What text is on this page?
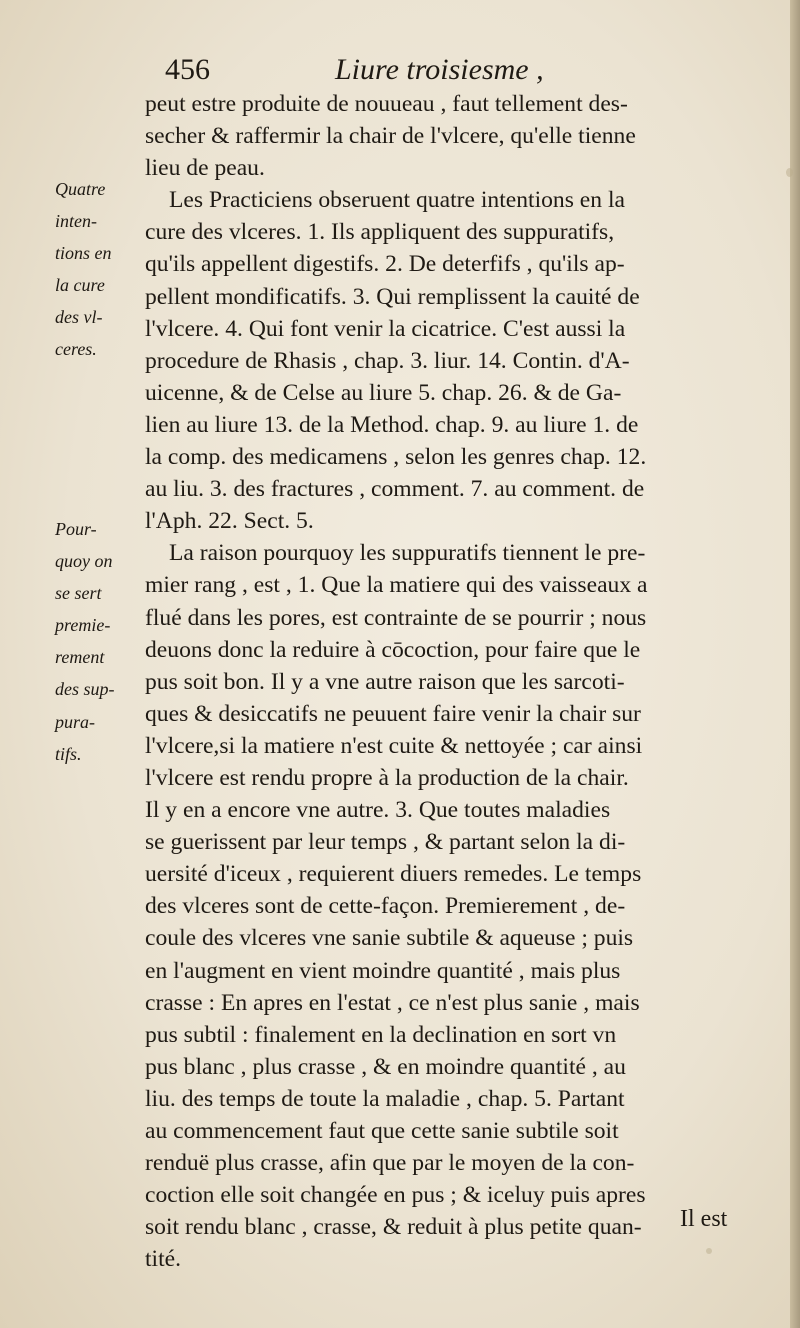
456	Liure troisiesme ,
peut estre produite de nouueau , faut tellement des-
secher & raffermir la chair de l'vlcere, qu'elle tienne
lieu de peau.
Les Practiciens obseruent quatre intentions en la
cure des vlceres. 1. Ils appliquent des suppuratifs,
qu'ils appellent digestifs. 2. De deterfifs , qu'ils ap-
pellent mondificatifs. 3. Qui remplissent la cauité de
l'vlcere. 4. Qui font venir la cicatrice. C'est aussi la
procedure de Rhasis , chap. 3. liur. 14. Contin. d'A-
uicenne, & de Celse au liure 5. chap. 26. & de Ga-
lien au liure 13. de la Method. chap. 9. au liure 1. de
la comp. des medicamens , selon les genres chap. 12.
au liu. 3. des fractures , comment. 7. au comment. de
l'Aph. 22. Sect. 5.
La raison pourquoy les suppuratifs tiennent le pre-
mier rang , est , 1. Que la matiere qui des vaisseaux a
flué dans les pores, est contrainte de se pourrir ; nous
deuons donc la reduire à cōcoction, pour faire que le
pus soit bon. Il y a vne autre raison que les sarcoti-
ques & desiccatifs ne peuuent faire venir la chair sur
l'vlcere,si la matiere n'est cuite & nettoyée ; car ainsi
l'vlcere est rendu propre à la production de la chair.
Il y en a encore vne autre. 3. Que toutes maladies
se guerissent par leur temps , & partant selon la di-
uersité d'iceux , requierent diuers remedes. Le temps
des vlceres sont de cette-façon. Premierement , de-
coule des vlceres vne sanie subtile & aqueuse ; puis
en l'augment en vient moindre quantité , mais plus
crasse : En apres en l'estat , ce n'est plus sanie , mais
pus subtil : finalement en la declination en sort vn
pus blanc , plus crasse , & en moindre quantité , au
liu. des temps de toute la maladie , chap. 5. Partant
au commencement faut que cette sanie subtile soit
renduë plus crasse, afin que par le moyen de la con-
coction elle soit changée en pus ; & iceluy puis apres
soit rendu blanc , crasse, & reduit à plus petite quan-
tité.
Quatre
inten-
tions en
la cure
des vl-
ceres.
Pour-
quoy on
se sert
premie-
rement
des sup-
pura-
tifs.
Il est
